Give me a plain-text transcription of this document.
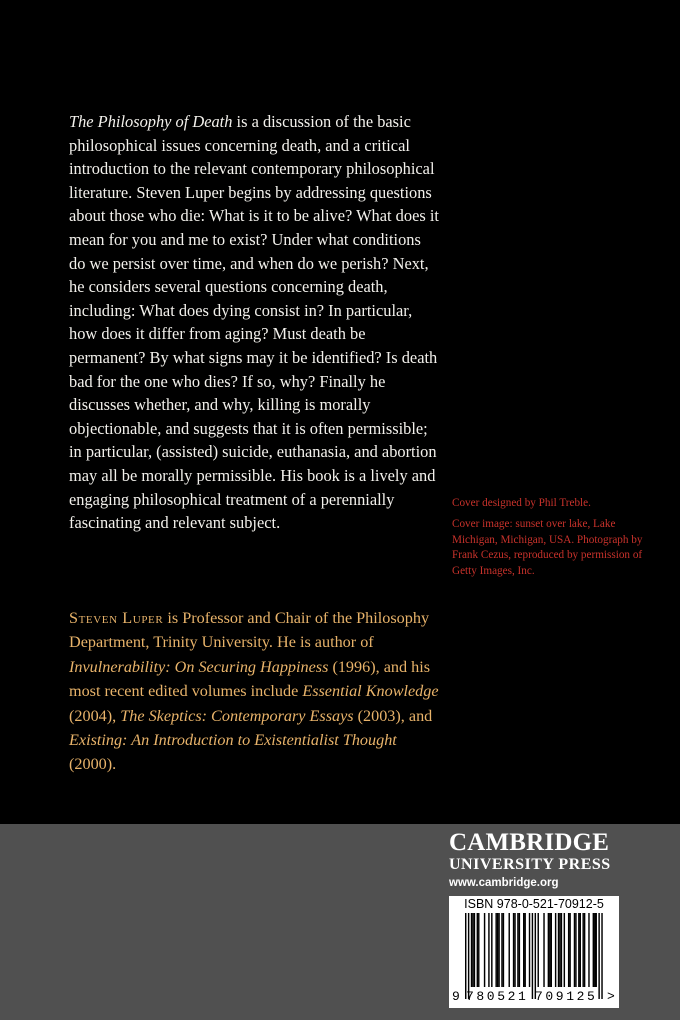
The Philosophy of Death is a discussion of the basic philosophical issues concerning death, and a critical introduction to the relevant contemporary philosophical literature. Steven Luper begins by addressing questions about those who die: What is it to be alive? What does it mean for you and me to exist? Under what conditions do we persist over time, and when do we perish? Next, he considers several questions concerning death, including: What does dying consist in? In particular, how does it differ from aging? Must death be permanent? By what signs may it be identified? Is death bad for the one who dies? If so, why? Finally he discusses whether, and why, killing is morally objectionable, and suggests that it is often permissible; in particular, (assisted) suicide, euthanasia, and abortion may all be morally permissible. His book is a lively and engaging philosophical treatment of a perennially fascinating and relevant subject.

Steven Luper is Professor and Chair of the Philosophy Department, Trinity University. He is author of Invulnerability: On Securing Happiness (1996), and his most recent edited volumes include Essential Knowledge (2004), The Skeptics: Contemporary Essays (2003), and Existing: An Introduction to Existentialist Thought (2000).

Cover designed by Phil Treble.

Cover image: sunset over lake, Lake Michigan, Michigan, USA. Photograph by Frank Cezus, reproduced by permission of Getty Images, Inc.

CAMBRIDGE
UNIVERSITY PRESS
www.cambridge.org
ISBN 978-0-521-70912-5
9 780521 709125 >
